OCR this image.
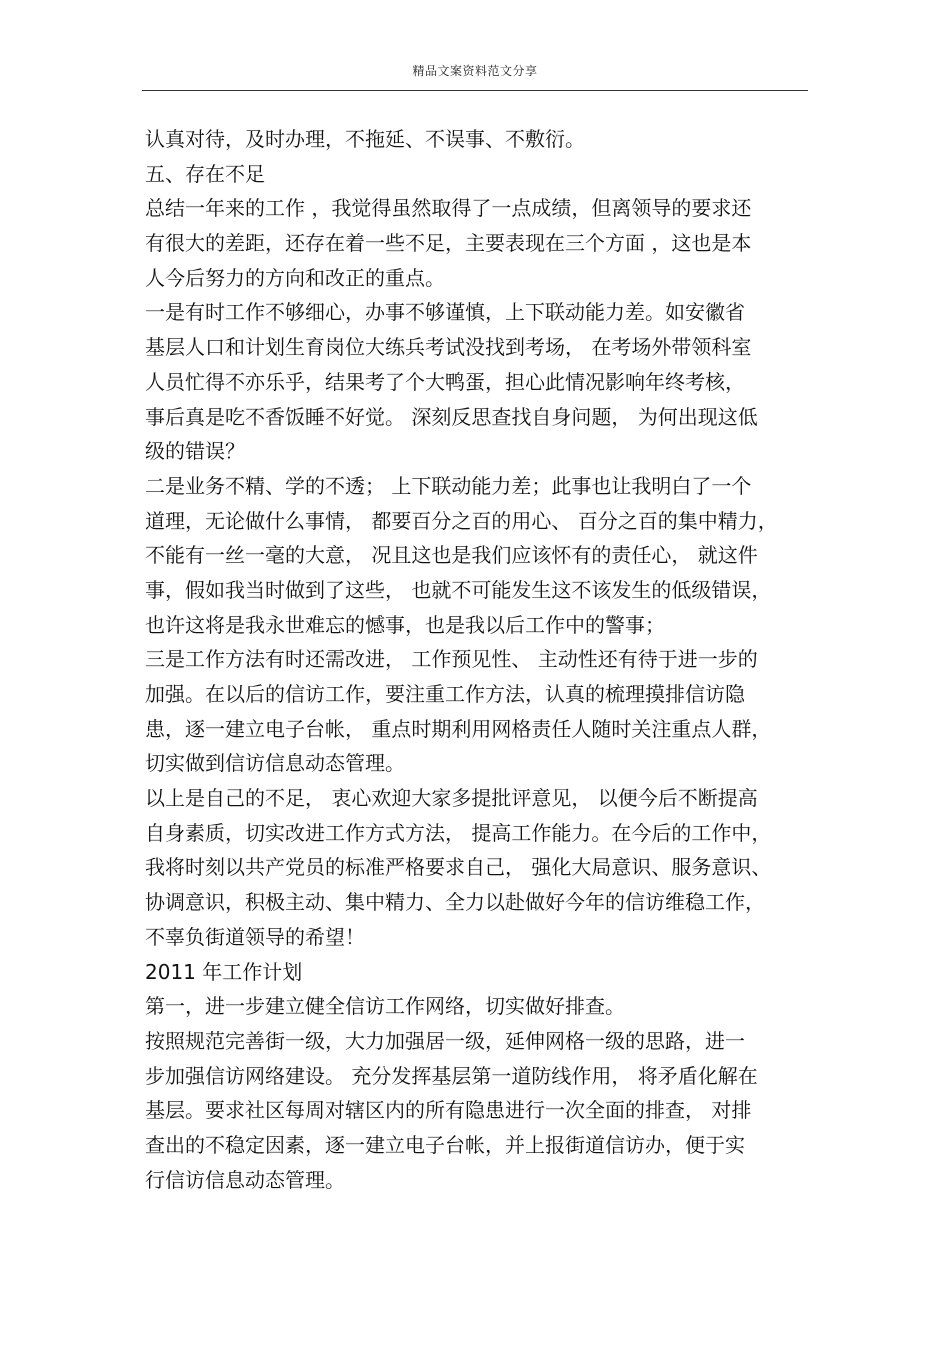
精品文案资料范文分享
认真对待，及时办理，不拖延、不误事、不敷衍。
五、存在不足
总结一年来的工作 ，我觉得虽然取得了一点成绩，但离领导的要求还
有很大的差距，还存在着一些不足，主要表现在三个方面 ，这也是本
人今后努力的方向和改正的重点。
一是有时工作不够细心，办事不够谨慎，上下联动能力差。如安徽省
基层人口和计划生育岗位大练兵考试没找到考场， 在考场外带领科室
人员忙得不亦乐乎，结果考了个大鸭蛋，担心此情况影响年终考核，
事后真是吃不香饭睡不好觉。 深刻反思查找自身问题， 为何出现这低
级的错误？
二是业务不精、学的不透； 上下联动能力差；此事也让我明白了一个
道理，无论做什么事情， 都要百分之百的用心、 百分之百的集中精力，
不能有一丝一毫的大意， 况且这也是我们应该怀有的责任心， 就这件
事，假如我当时做到了这些， 也就不可能发生这不该发生的低级错误，
也许这将是我永世难忘的憾事，也是我以后工作中的警事；
三是工作方法有时还需改进， 工作预见性、 主动性还有待于进一步的
加强。在以后的信访工作，要注重工作方法，认真的梳理摸排信访隐
患，逐一建立电子台帐， 重点时期利用网格责任人随时关注重点人群，
切实做到信访信息动态管理。
以上是自己的不足， 衷心欢迎大家多提批评意见， 以便今后不断提高
自身素质，切实改进工作方式方法， 提高工作能力。在今后的工作中，
我将时刻以共产党员的标准严格要求自己， 强化大局意识、服务意识、
协调意识，积极主动、集中精力、全力以赴做好今年的信访维稳工作，
不辜负街道领导的希望！
2011 年工作计划
第一，进一步建立健全信访工作网络，切实做好排查。
按照规范完善街一级，大力加强居一级，延伸网格一级的思路，进一
步加强信访网络建设。 充分发挥基层第一道防线作用， 将矛盾化解在
基层。要求社区每周对辖区内的所有隐患进行一次全面的排查， 对排
查出的不稳定因素，逐一建立电子台帐，并上报街道信访办，便于实
行信访信息动态管理。
